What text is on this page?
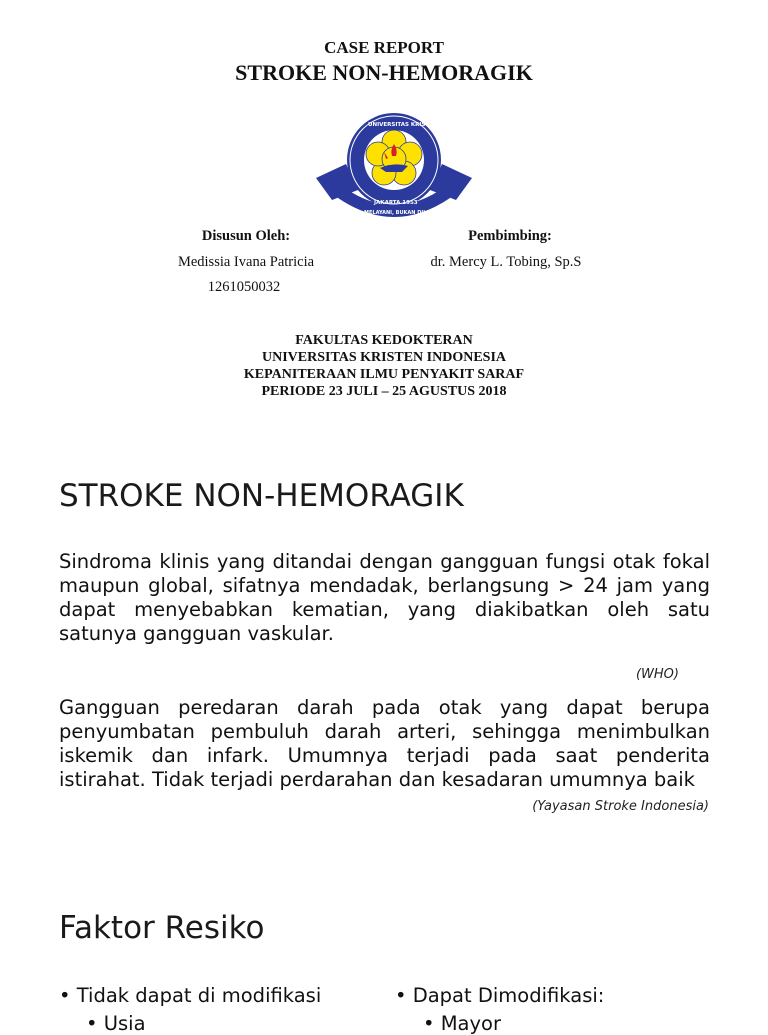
CASE REPORT
STROKE NON-HEMORAGIK
UNIVERSITAS KRISTEN
JAKARTA 1953
MELAYANI, BUKAN DILAYANI
Disusun Oleh:
Medissia Ivana Patricia
1261050032
Pembimbing:
dr. Mercy L. Tobing, Sp.S
FAKULTAS KEDOKTERAN
UNIVERSITAS KRISTEN INDONESIA
KEPANITERAAN ILMU PENYAKIT SARAF
PERIODE 23 JULI – 25 AGUSTUS 2018
STROKE NON-HEMORAGIK
Sindroma klinis yang ditandai dengan gangguan fungsi otak fokal maupun global, sifatnya mendadak, berlangsung > 24 jam yang dapat menyebabkan kematian, yang diakibatkan oleh satu satunya gangguan vaskular.
(WHO)
Gangguan peredaran darah pada otak yang dapat berupa penyumbatan pembuluh darah arteri, sehingga menimbulkan iskemik dan infark. Umumnya terjadi pada saat penderita istirahat. Tidak terjadi perdarahan dan kesadaran umumnya baik
(Yayasan Stroke Indonesia)
Faktor Resiko
• Tidak dapat di modifikasi
• Usia
• Dapat Dimodifikasi:
• Mayor
